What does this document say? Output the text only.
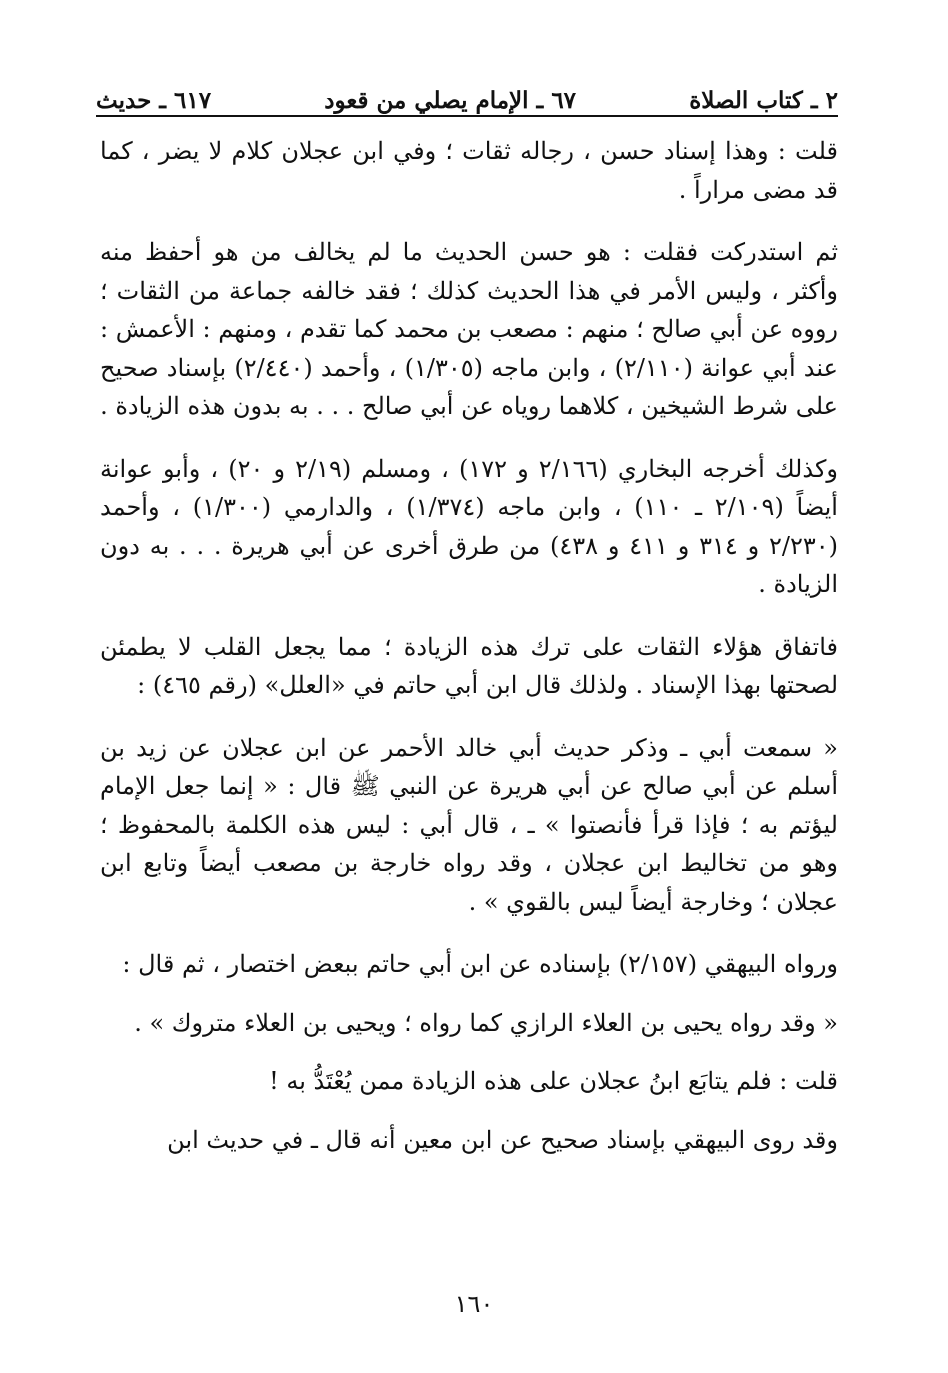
٢ ـ كتاب الصلاة
٦٧ ـ الإمام يصلي من قعود
٦١٧ ـ حديث

قلت : وهذا إسناد حسن ، رجاله ثقات ؛ وفي ابن عجلان كلام لا يضر ، كما قد مضى مراراً .

ثم استدركت فقلت : هو حسن الحديث ما لم يخالف من هو أحفظ منه وأكثر ، وليس الأمر في هذا الحديث كذلك ؛ فقد خالفه جماعة من الثقات ؛ رووه عن أبي صالح ؛ منهم : مصعب بن محمد كما تقدم ، ومنهم : الأعمش : عند أبي عوانة (٢/١١٠) ، وابن ماجه (١/٣٠٥) ، وأحمد (٢/٤٤٠) بإسناد صحيح على شرط الشيخين ، كلاهما روياه عن أبي صالح . . . به بدون هذه الزيادة .

وكذلك أخرجه البخاري (٢/١٦٦ و ١٧٢) ، ومسلم (٢/١٩ و ٢٠) ، وأبو عوانة أيضاً (٢/١٠٩ ـ ١١٠) ، وابن ماجه (١/٣٧٤) ، والدارمي (١/٣٠٠) ، وأحمد (٢/٢٣٠ و ٣١٤ و ٤١١ و ٤٣٨) من طرق أخرى عن أبي هريرة . . . به دون الزيادة .

فاتفاق هؤلاء الثقات على ترك هذه الزيادة ؛ مما يجعل القلب لا يطمئن لصحتها بهذا الإسناد . ولذلك قال ابن أبي حاتم في «العلل» (رقم ٤٦٥) :

« سمعت أبي ـ وذكر حديث أبي خالد الأحمر عن ابن عجلان عن زيد بن أسلم عن أبي صالح عن أبي هريرة عن النبي ﷺ قال : « إنما جعل الإمام ليؤتم به ؛ فإذا قرأ فأنصتوا » ـ ، قال أبي : ليس هذه الكلمة بالمحفوظ ؛ وهو من تخاليط ابن عجلان ، وقد رواه خارجة بن مصعب أيضاً وتابع ابن عجلان ؛ وخارجة أيضاً ليس بالقوي » .

ورواه البيهقي (٢/١٥٧) بإسناده عن ابن أبي حاتم ببعض اختصار ، ثم قال :

« وقد رواه يحيى بن العلاء الرازي كما رواه ؛ ويحيى بن العلاء متروك » .

قلت : فلم يتابَع ابنُ عجلان على هذه الزيادة ممن يُعْتَدُّ به !

وقد روى البيهقي بإسناد صحيح عن ابن معين أنه قال ـ في حديث ابن

١٦٠
